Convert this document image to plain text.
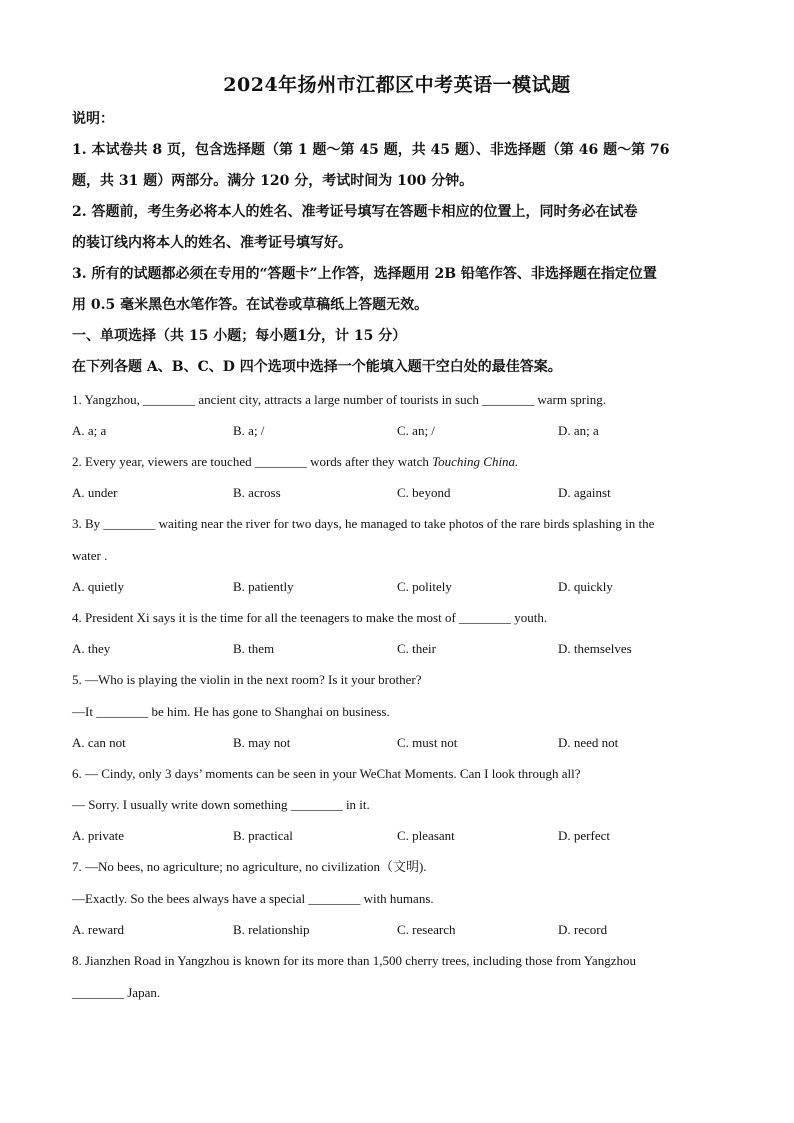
2024年扬州市江都区中考英语一模试题
说明：
1. 本试卷共 8 页，包含选择题（第 1 题～第 45 题，共 45 题）、非选择题（第 46 题～第 76
题，共 31 题）两部分。满分 120 分，考试时间为 100 分钟。
2. 答题前，考生务必将本人的姓名、准考证号填写在答题卡相应的位置上，同时务必在试卷
的装订线内将本人的姓名、准考证号填写好。
3. 所有的试题都必须在专用的“答题卡”上作答，选择题用 2B 铅笔作答、非选择题在指定位置
用 0.5 毫米黑色水笔作答。在试卷或草稿纸上答题无效。
一、单项选择（共 15 小题；每小题1分，计 15 分）
在下列各题 A、B、C、D 四个选项中选择一个能填入题干空白处的最佳答案。
1. Yangzhou, ________ ancient city, attracts a large number of tourists in such ________ warm spring.
A. a; a	B. a; /	C. an; /	D. an; a
2. Every year, viewers are touched ________ words after they watch Touching China.
A. under	B. across	C. beyond	D. against
3. By ________ waiting near the river for two days, he managed to take photos of the rare birds splashing in the
water .
A. quietly	B. patiently	C. politely	D. quickly
4. President Xi says it is the time for all the teenagers to make the most of ________ youth.
A. they	B. them	C. their	D. themselves
5. —Who is playing the violin in the next room? Is it your brother?
—It ________ be him. He has gone to Shanghai on business.
A. can not	B. may not	C. must not	D. need not
6. — Cindy, only 3 days’ moments can be seen in your WeChat Moments. Can I look through all?
— Sorry. I usually write down something ________ in it.
A. private	B. practical	C. pleasant	D. perfect
7. —No bees, no agriculture; no agriculture, no civilization（文明).
—Exactly. So the bees always have a special ________ with humans.
A. reward	B. relationship	C. research	D. record
8. Jianzhen Road in Yangzhou is known for its more than 1,500 cherry trees, including those from Yangzhou
________ Japan.
